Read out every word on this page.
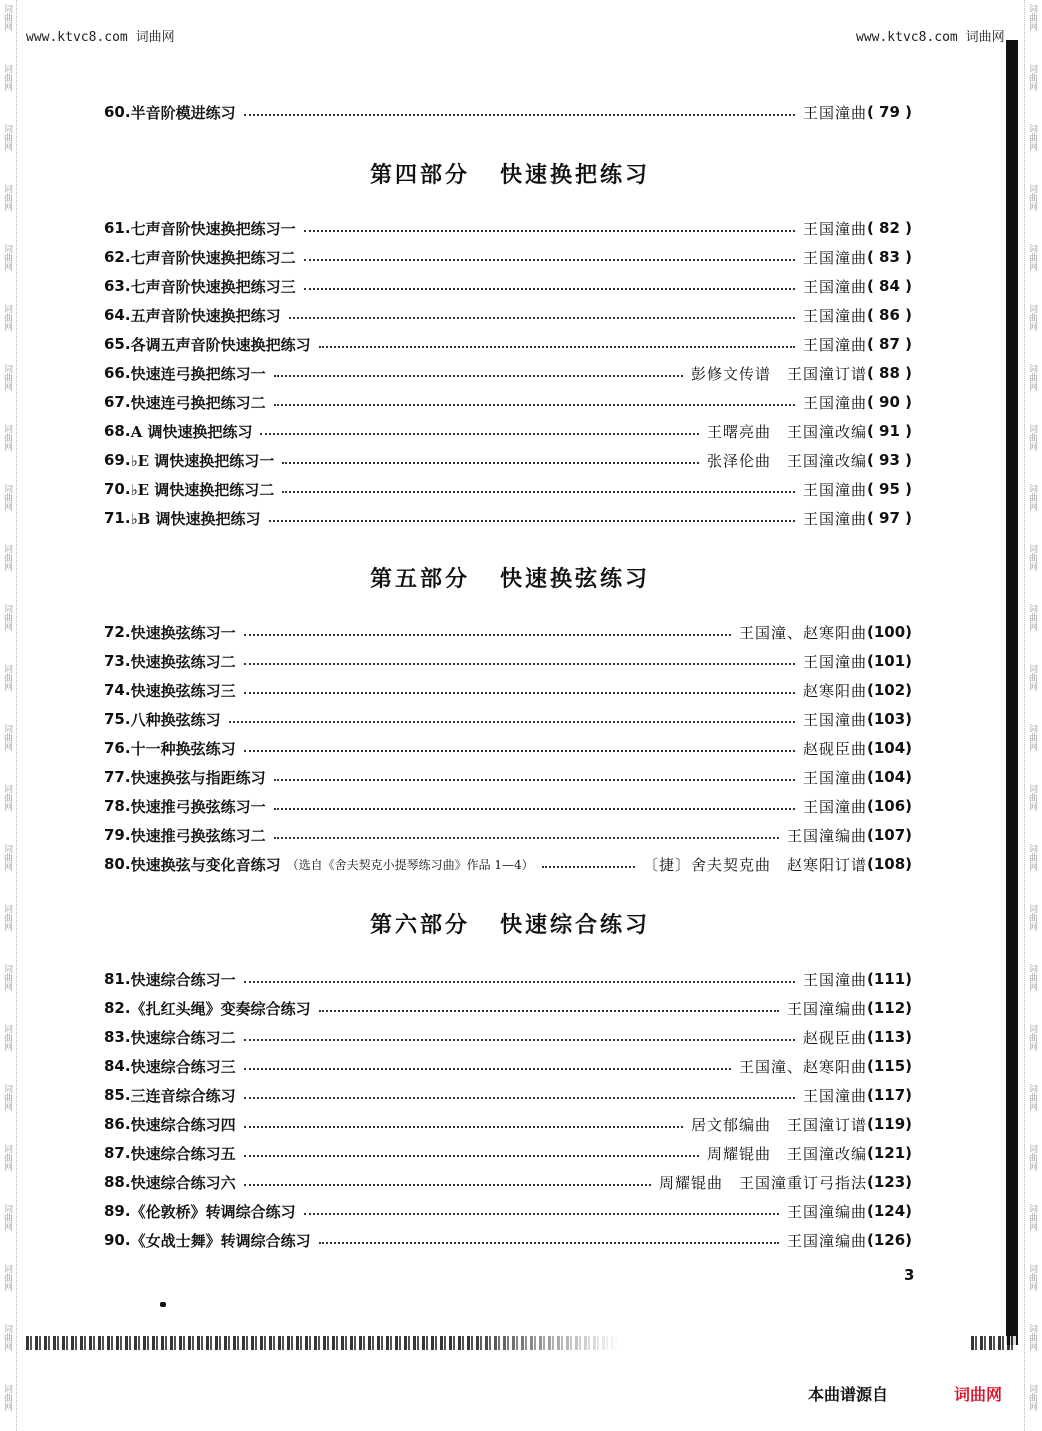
词曲网
词曲网
词曲网
词曲网
词曲网
词曲网
词曲网
词曲网
词曲网
词曲网
词曲网
词曲网
词曲网
词曲网
词曲网
词曲网
词曲网
词曲网
词曲网
词曲网
词曲网
词曲网
词曲网
词曲网
词曲网
词曲网
词曲网
词曲网
词曲网
词曲网
词曲网
词曲网
词曲网
词曲网
词曲网
词曲网
词曲网
词曲网
词曲网
词曲网
词曲网
词曲网
词曲网
词曲网
词曲网
词曲网
词曲网
词曲网
www.ktvc8.com 词曲网	www.ktvc8.com 词曲网
第四部分 快速换把练习
第五部分 快速换弦练习
第六部分 快速综合练习
60. 半音阶模进练习	王国潼曲 ( 79 )
61. 七声音阶快速换把练习一	王国潼曲 ( 82 )
62. 七声音阶快速换把练习二	王国潼曲 ( 83 )
63. 七声音阶快速换把练习三	王国潼曲 ( 84 )
64. 五声音阶快速换把练习	王国潼曲 ( 86 )
65. 各调五声音阶快速换把练习	王国潼曲 ( 87 )
66. 快速连弓换把练习一	彭修文传谱　王国潼订谱 ( 88 )
67. 快速连弓换把练习二	王国潼曲 ( 90 )
68. A 调快速换把练习	王曙亮曲　王国潼改编 ( 91 )
69. ♭E 调快速换把练习一	张泽伦曲　王国潼改编 ( 93 )
70. ♭E 调快速换把练习二	王国潼曲 ( 95 )
71. ♭B 调快速换把练习	王国潼曲 ( 97 )
72. 快速换弦练习一	王国潼、赵寒阳曲 (100)
73. 快速换弦练习二	王国潼曲 (101)
74. 快速换弦练习三	赵寒阳曲 (102)
75. 八种换弦练习	王国潼曲 (103)
76. 十一种换弦练习	赵砚臣曲 (104)
77. 快速换弦与指距练习	王国潼曲 (104)
78. 快速推弓换弦练习一	王国潼曲 (106)
79. 快速推弓换弦练习二	王国潼编曲 (107)
80. 快速换弦与变化音练习 （选自《舍夫契克小提琴练习曲》作品 1—4）	〔捷〕舍夫契克曲　赵寒阳订谱 (108)
81. 快速综合练习一	王国潼曲 (111)
82. 《扎红头绳》变奏综合练习	王国潼编曲 (112)
83. 快速综合练习二	赵砚臣曲 (113)
84. 快速综合练习三	王国潼、赵寒阳曲 (115)
85. 三连音综合练习	王国潼曲 (117)
86. 快速综合练习四	居文郁编曲　王国潼订谱 (119)
87. 快速综合练习五	周耀锟曲　王国潼改编 (121)
88. 快速综合练习六	周耀锟曲　王国潼重订弓指法 (123)
89. 《伦敦桥》转调综合练习	王国潼编曲 (124)
90. 《女战士舞》转调综合练习	王国潼编曲 (126)
3
本曲谱源自	词曲网
